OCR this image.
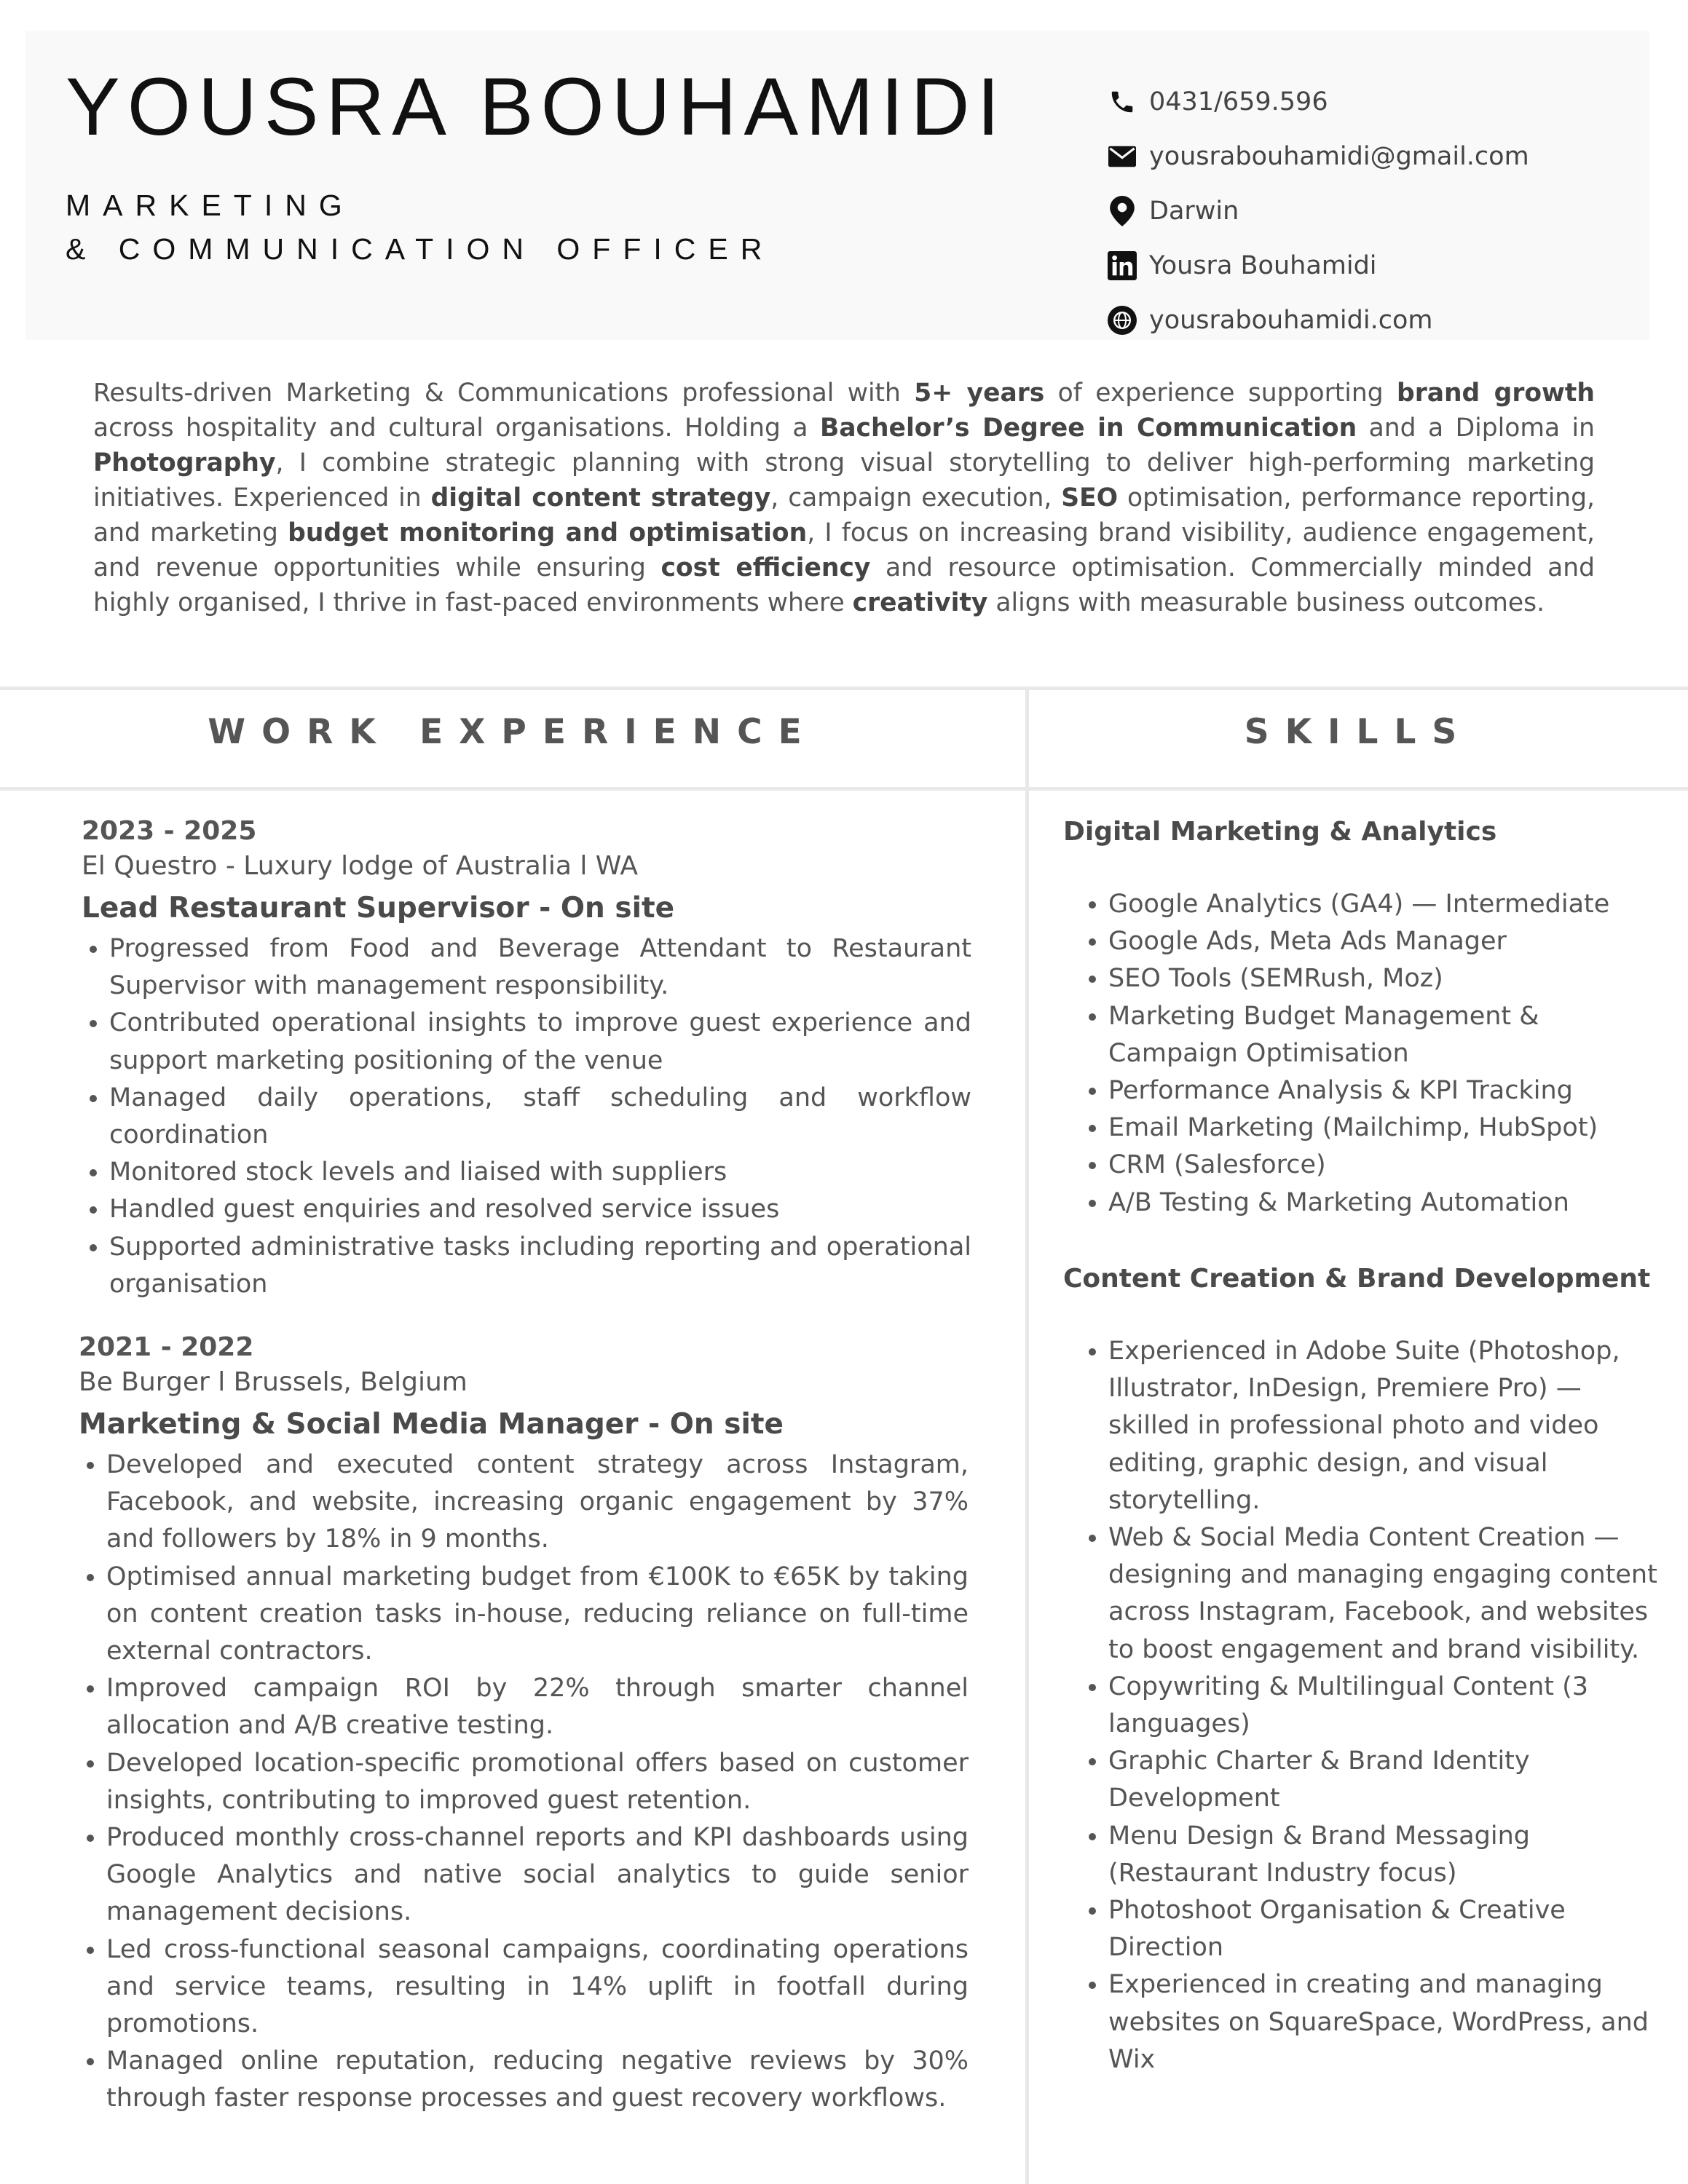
YOUSRA BOUHAMIDI
MARKETING
& COMMUNICATION OFFICER
0431/659.596
yousrabouhamidi@gmail.com
Darwin
Yousra Bouhamidi
yousrabouhamidi.com

Results-driven Marketing & Communications professional with 5+ years of experience supporting brand growth across hospitality and cultural organisations. Holding a Bachelor’s Degree in Communication and a Diploma in Photography, I combine strategic planning with strong visual storytelling to deliver high-performing marketing initiatives. Experienced in digital content strategy, campaign execution, SEO optimisation, performance reporting, and marketing budget monitoring and optimisation, I focus on increasing brand visibility, audience engagement, and revenue opportunities while ensuring cost efficiency and resource optimisation. Commercially minded and highly organised, I thrive in fast-paced environments where creativity aligns with measurable business outcomes.

WORK EXPERIENCE	SKILLS
2023 - 2025
El Questro - Luxury lodge of Australia l WA
Lead Restaurant Supervisor - On site
• Progressed from Food and Beverage Attendant to Restaurant Supervisor with management responsibility.
• Contributed operational insights to improve guest experience and support marketing positioning of the venue
• Managed daily operations, staff scheduling and workflow coordination
• Monitored stock levels and liaised with suppliers
• Handled guest enquiries and resolved service issues
• Supported administrative tasks including reporting and operational organisation
2021 - 2022
Be Burger l Brussels, Belgium
Marketing & Social Media Manager - On site
• Developed and executed content strategy across Instagram, Facebook, and website, increasing organic engagement by 37% and followers by 18% in 9 months.
• Optimised annual marketing budget from €100K to €65K by taking on content creation tasks in-house, reducing reliance on full-time external contractors.
• Improved campaign ROI by 22% through smarter channel allocation and A/B creative testing.
• Developed location-specific promotional offers based on customer insights, contributing to improved guest retention.
• Produced monthly cross-channel reports and KPI dashboards using Google Analytics and native social analytics to guide senior management decisions.
• Led cross-functional seasonal campaigns, coordinating operations and service teams, resulting in 14% uplift in footfall during promotions.
• Managed online reputation, reducing negative reviews by 30% through faster response processes and guest recovery workflows.
Digital Marketing & Analytics
• Google Analytics (GA4) — Intermediate
• Google Ads, Meta Ads Manager
• SEO Tools (SEMRush, Moz)
• Marketing Budget Management & Campaign Optimisation
• Performance Analysis & KPI Tracking
• Email Marketing (Mailchimp, HubSpot)
• CRM (Salesforce)
• A/B Testing & Marketing Automation
Content Creation & Brand Development
• Experienced in Adobe Suite (Photoshop, Illustrator, InDesign, Premiere Pro) — skilled in professional photo and video editing, graphic design, and visual storytelling.
• Web & Social Media Content Creation — designing and managing engaging content across Instagram, Facebook, and websites to boost engagement and brand visibility.
• Copywriting & Multilingual Content (3 languages)
• Graphic Charter & Brand Identity Development
• Menu Design & Brand Messaging (Restaurant Industry focus)
• Photoshoot Organisation & Creative Direction
• Experienced in creating and managing websites on SquareSpace, WordPress, and Wix
